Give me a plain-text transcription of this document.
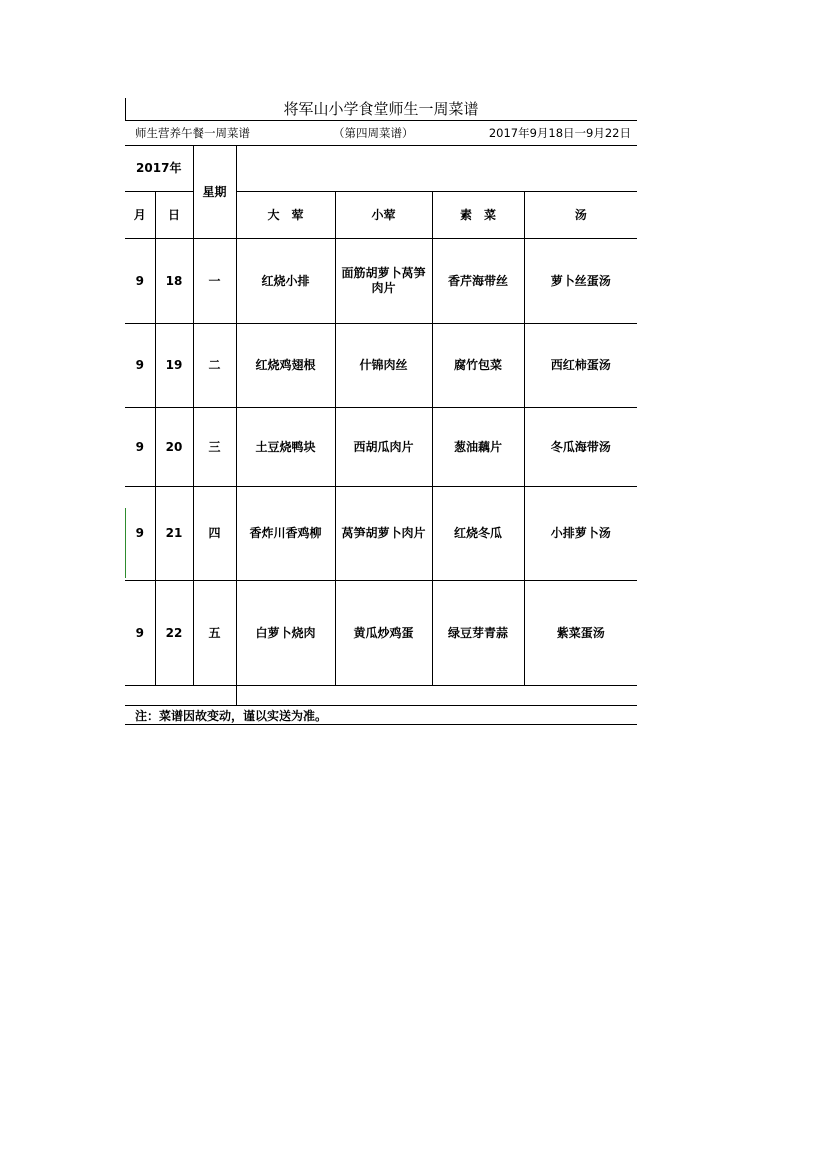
将军山小学食堂师生一周菜谱
师生营养午餐一周菜谱	（第四周菜谱）	2017年9月18日一9月22日
2017年		星期				
月	日		大　荤	小荤	素　菜	汤
9	18	一	红烧小排	面筋胡萝卜莴笋肉片	香芹海带丝	萝卜丝蛋汤
9	19	二	红烧鸡翅根	什锦肉丝	腐竹包菜	西红柿蛋汤
9	20	三	土豆烧鸭块	西胡瓜肉片	葱油藕片	冬瓜海带汤
9	21	四	香炸川香鸡柳	莴笋胡萝卜肉片	红烧冬瓜	小排萝卜汤
9	22	五	白萝卜烧肉	黄瓜炒鸡蛋	绿豆芽青蒜	紫菜蛋汤

注：菜谱因故变动，谨以实送为准。
